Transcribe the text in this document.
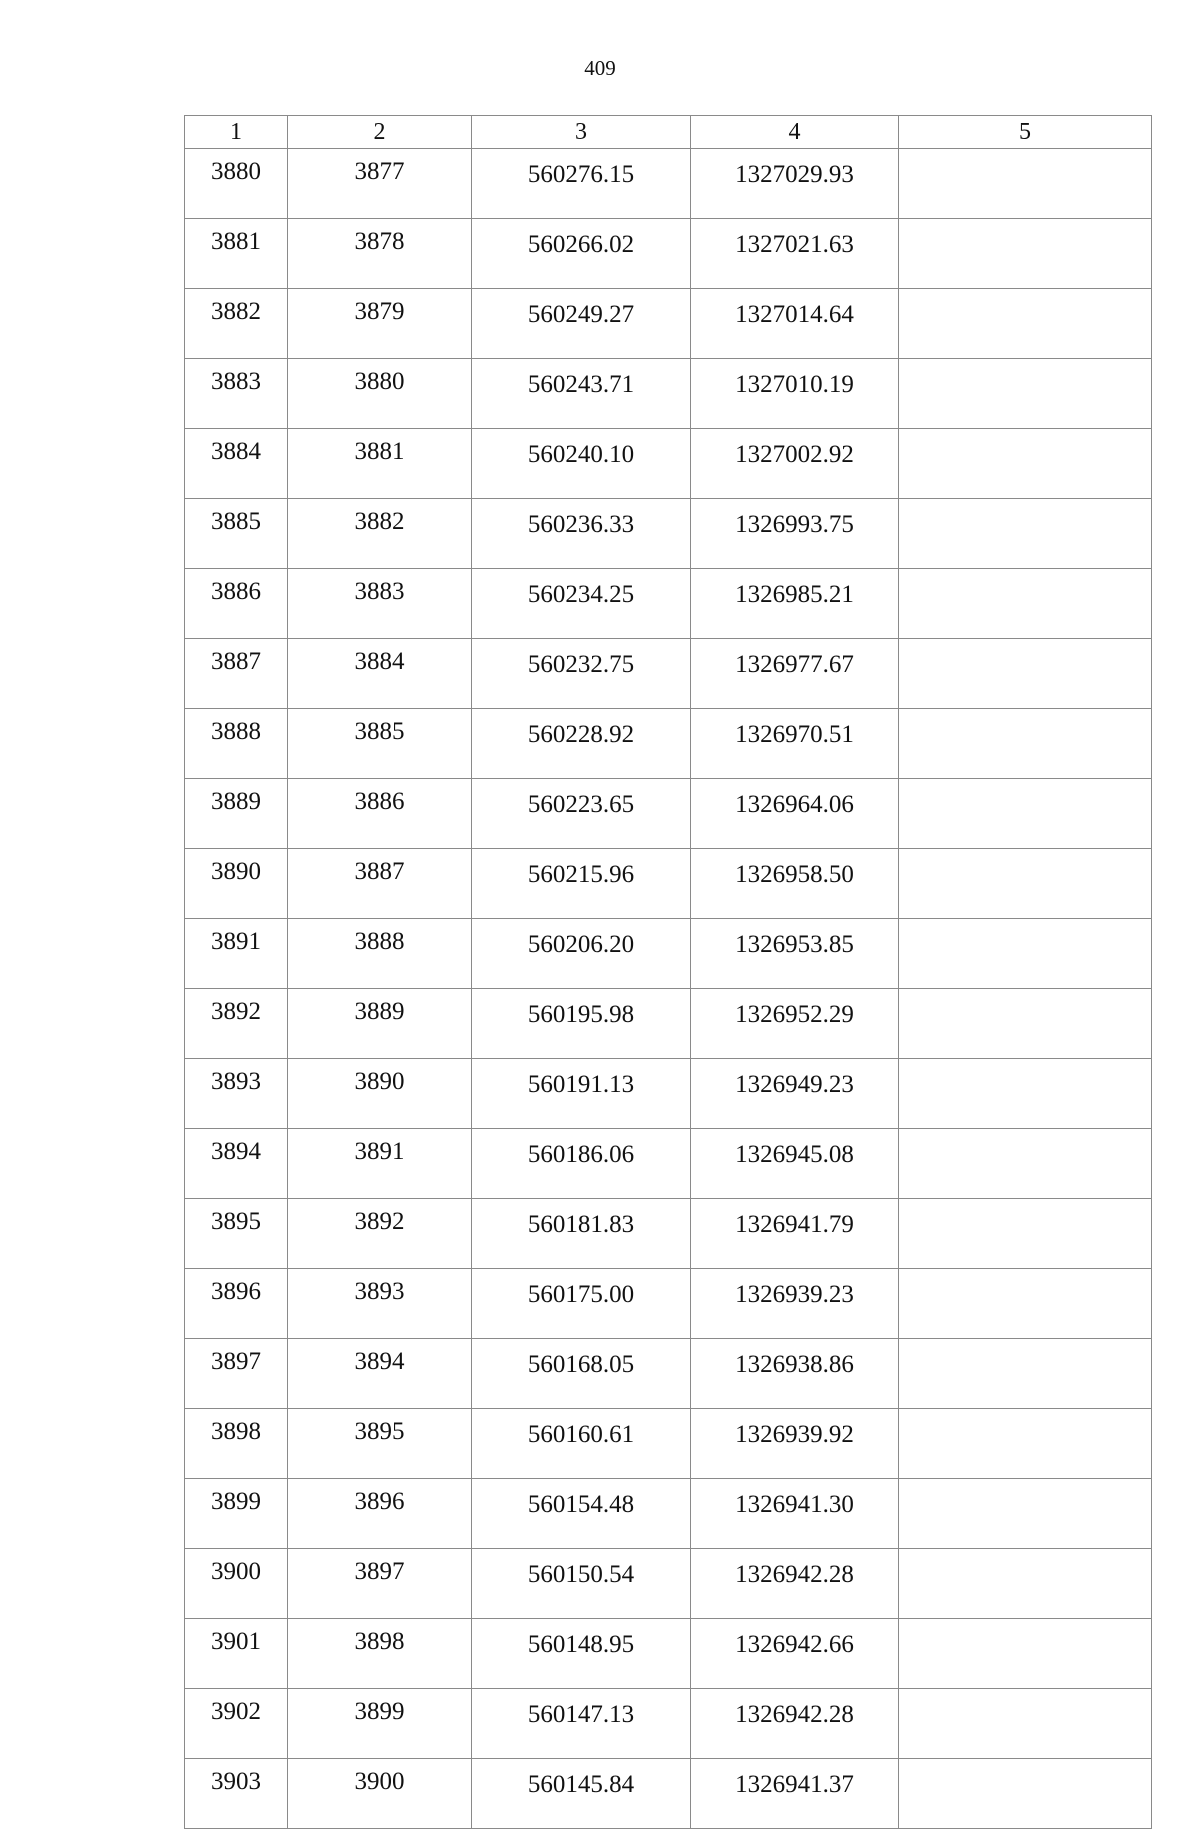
409
1	2	3	4	5
3880	3877	560276.15	1327029.93	
3881	3878	560266.02	1327021.63	
3882	3879	560249.27	1327014.64	
3883	3880	560243.71	1327010.19	
3884	3881	560240.10	1327002.92	
3885	3882	560236.33	1326993.75	
3886	3883	560234.25	1326985.21	
3887	3884	560232.75	1326977.67	
3888	3885	560228.92	1326970.51	
3889	3886	560223.65	1326964.06	
3890	3887	560215.96	1326958.50	
3891	3888	560206.20	1326953.85	
3892	3889	560195.98	1326952.29	
3893	3890	560191.13	1326949.23	
3894	3891	560186.06	1326945.08	
3895	3892	560181.83	1326941.79	
3896	3893	560175.00	1326939.23	
3897	3894	560168.05	1326938.86	
3898	3895	560160.61	1326939.92	
3899	3896	560154.48	1326941.30	
3900	3897	560150.54	1326942.28	
3901	3898	560148.95	1326942.66	
3902	3899	560147.13	1326942.28	
3903	3900	560145.84	1326941.37	
